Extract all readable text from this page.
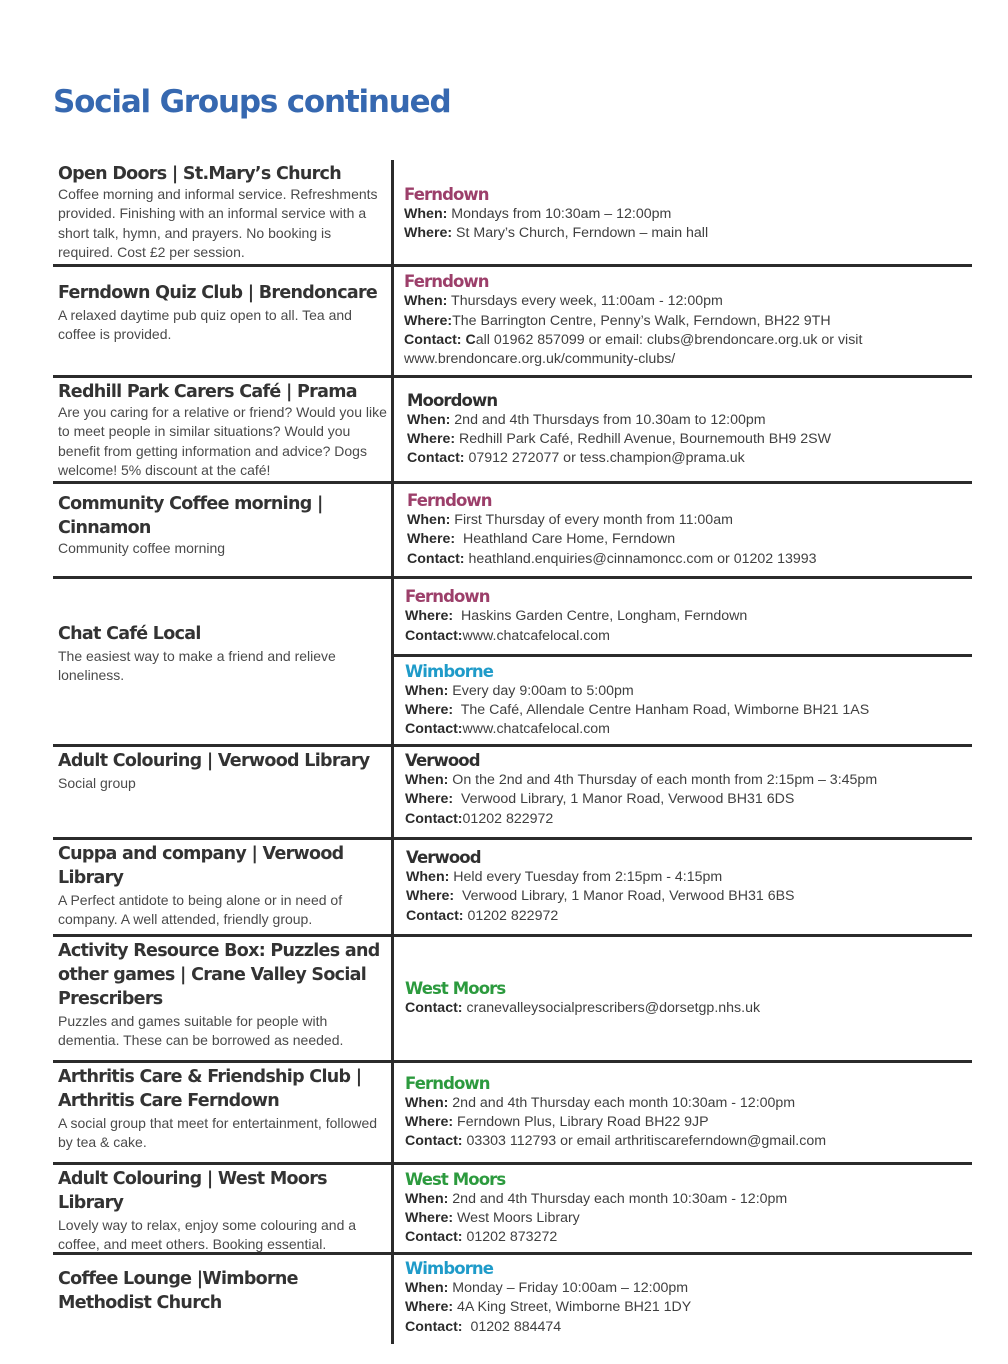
Social Groups continued
Open Doors | St.Mary’s Church
Coffee morning and informal service. Refreshments provided. Finishing with an informal service with a short talk, hymn, and prayers. No booking is required. Cost £2 per session.
Ferndown
When: Mondays from 10:30am – 12:00pm
Where: St Mary’s Church, Ferndown – main hall
Ferndown Quiz Club | Brendoncare
A relaxed daytime pub quiz open to all. Tea and coffee is provided.
Ferndown
When: Thursdays every week, 11:00am - 12:00pm
Where:The Barrington Centre, Penny’s Walk, Ferndown, BH22 9TH
Contact: Call 01962 857099 or email: clubs@brendoncare.org.uk or visit
www.brendoncare.org.uk/community-clubs/
Redhill Park Carers Café | Prama
Are you caring for a relative or friend? Would you like to meet people in similar situations? Would you benefit from getting information and advice? Dogs welcome! 5% discount at the café!
Moordown
When: 2nd and 4th Thursdays from 10.30am to 12:00pm
Where: Redhill Park Café, Redhill Avenue, Bournemouth BH9 2SW
Contact: 07912 272077 or tess.champion@prama.uk
Community Coffee morning | Cinnamon
Community coffee morning
Ferndown
When: First Thursday of every month from 11:00am
Where: Heathland Care Home, Ferndown
Contact: heathland.enquiries@cinnamoncc.com or 01202 13993
Chat Café Local
The easiest way to make a friend and relieve loneliness.
Ferndown
Where: Haskins Garden Centre, Longham, Ferndown
Contact:www.chatcafelocal.com
Wimborne
When: Every day 9:00am to 5:00pm
Where: The Café, Allendale Centre Hanham Road, Wimborne BH21 1AS
Contact:www.chatcafelocal.com
Adult Colouring | Verwood Library
Social group
Verwood
When: On the 2nd and 4th Thursday of each month from 2:15pm – 3:45pm
Where: Verwood Library, 1 Manor Road, Verwood BH31 6DS
Contact:01202 822972
Cuppa and company | Verwood Library
A Perfect antidote to being alone or in need of company. A well attended, friendly group.
Verwood
When: Held every Tuesday from 2:15pm - 4:15pm
Where: Verwood Library, 1 Manor Road, Verwood BH31 6BS
Contact: 01202 822972
Activity Resource Box: Puzzles and other games | Crane Valley Social Prescribers
Puzzles and games suitable for people with dementia. These can be borrowed as needed.
West Moors
Contact: cranevalleysocialprescribers@dorsetgp.nhs.uk
Arthritis Care & Friendship Club | Arthritis Care Ferndown
A social group that meet for entertainment, followed by tea & cake.
Ferndown
When: 2nd and 4th Thursday each month 10:30am - 12:00pm
Where: Ferndown Plus, Library Road BH22 9JP
Contact: 03303 112793 or email arthritiscareferndown@gmail.com
Adult Colouring | West Moors Library
Lovely way to relax, enjoy some colouring and a coffee, and meet others. Booking essential.
West Moors
When: 2nd and 4th Thursday each month 10:30am - 12:0pm
Where: West Moors Library
Contact: 01202 873272
Coffee Lounge |Wimborne Methodist Church
Wimborne
When: Monday – Friday 10:00am – 12:00pm
Where: 4A King Street, Wimborne BH21 1DY
Contact: 01202 884474
